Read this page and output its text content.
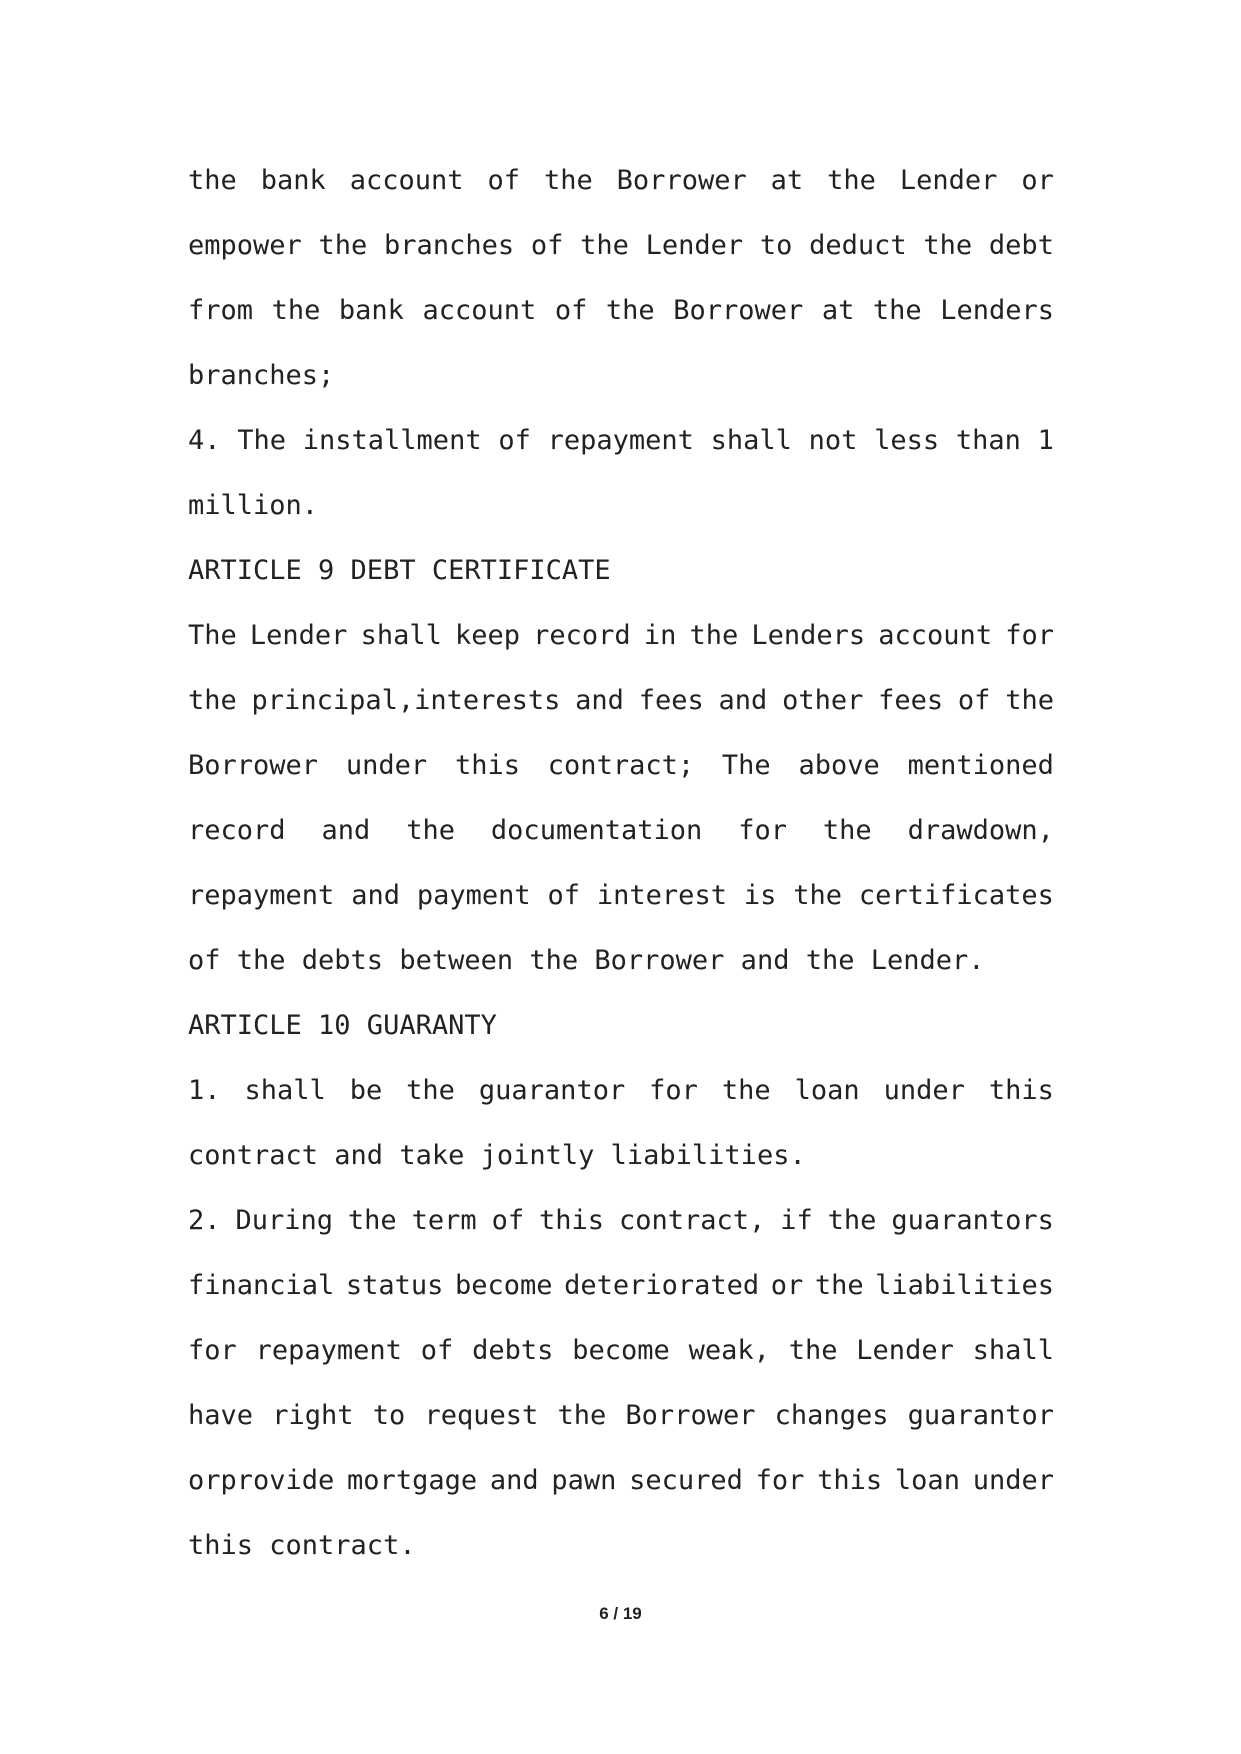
the bank account of the Borrower at the Lender or
empower the branches of the Lender to deduct the debt
from the bank account of the Borrower at the Lenders
branches;
4. The installment of repayment shall not less than 1
million.
ARTICLE 9 DEBT CERTIFICATE
The Lender shall keep record in the Lenders account for
the principal,interests and fees and other fees of the
Borrower under this contract; The above mentioned
record and the documentation for the drawdown,
repayment and payment of interest is the certificates
of the debts between the Borrower and the Lender.
ARTICLE 10 GUARANTY
1. shall be the guarantor for the loan under this
contract and take jointly liabilities.
2. During the term of this contract, if the guarantors
financial status become deteriorated or the liabilities
for repayment of debts become weak, the Lender shall
have right to request the Borrower changes guarantor
orprovide mortgage and pawn secured for this loan under
this contract.
6 / 19
